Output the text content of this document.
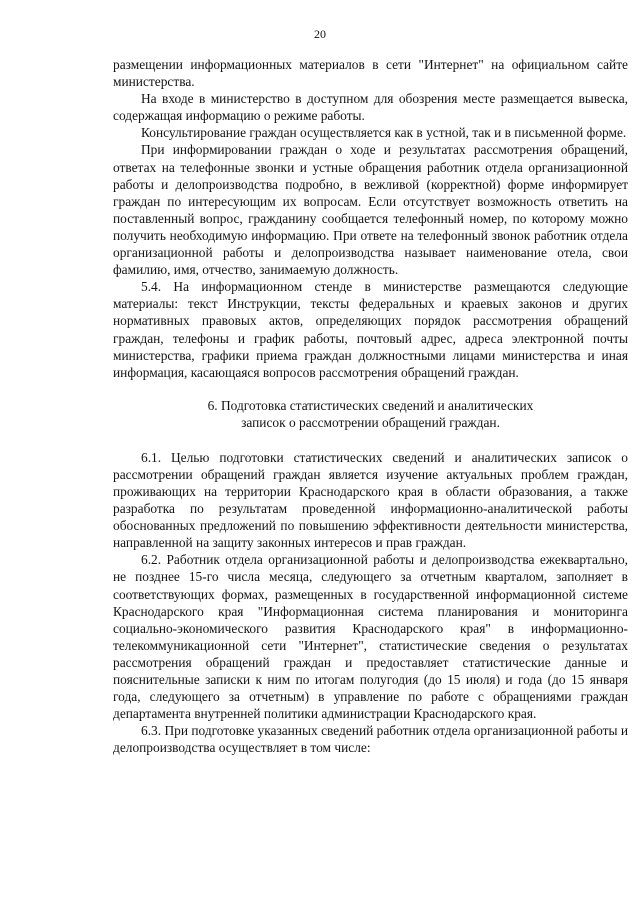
20

размещении информационных материалов в сети "Интернет" на официальном сайте министерства.

На входе в министерство в доступном для обозрения месте размещается вывеска, содержащая информацию о режиме работы.

Консультирование граждан осуществляется как в устной, так и в письменной форме.

При информировании граждан о ходе и результатах рассмотрения обращений, ответах на телефонные звонки и устные обращения работник отдела организационной работы и делопроизводства подробно, в вежливой (корректной) форме информирует граждан по интересующим их вопросам. Если отсутствует возможность ответить на поставленный вопрос, гражданину сообщается телефонный номер, по которому можно получить необходимую информацию. При ответе на телефонный звонок работник отдела организационной работы и делопроизводства называет наименование отела, свои фамилию, имя, отчество, занимаемую должность.

5.4. На информационном стенде в министерстве размещаются следующие материалы: текст Инструкции, тексты федеральных и краевых законов и других нормативных правовых актов, определяющих порядок рассмотрения обращений граждан, телефоны и график работы, почтовый адрес, адреса электронной почты министерства, графики приема граждан должностными лицами министерства и иная информация, касающаяся вопросов рассмотрения обращений граждан.

6. Подготовка статистических сведений и аналитических
записок о рассмотрении обращений граждан.

6.1. Целью подготовки статистических сведений и аналитических записок о рассмотрении обращений граждан является изучение актуальных проблем граждан, проживающих на территории Краснодарского края в области образования, а также разработка по результатам проведенной информационно-аналитической работы обоснованных предложений по повышению эффективности деятельности министерства, направленной на защиту законных интересов и прав граждан.

6.2. Работник отдела организационной работы и делопроизводства ежеквартально, не позднее 15-го числа месяца, следующего за отчетным кварталом, заполняет в соответствующих формах, размещенных в государственной информационной системе Краснодарского края "Информационная система планирования и мониторинга социально-экономического развития Краснодарского края" в информационно-телекоммуникационной сети "Интернет", статистические сведения о результатах рассмотрения обращений граждан и предоставляет статистические данные и пояснительные записки к ним по итогам полугодия (до 15 июля) и года (до 15 января года, следующего за отчетным) в управление по работе с обращениями граждан департамента внутренней политики администрации Краснодарского края.

6.3. При подготовке указанных сведений работник отдела организационной работы и делопроизводства осуществляет в том числе:
